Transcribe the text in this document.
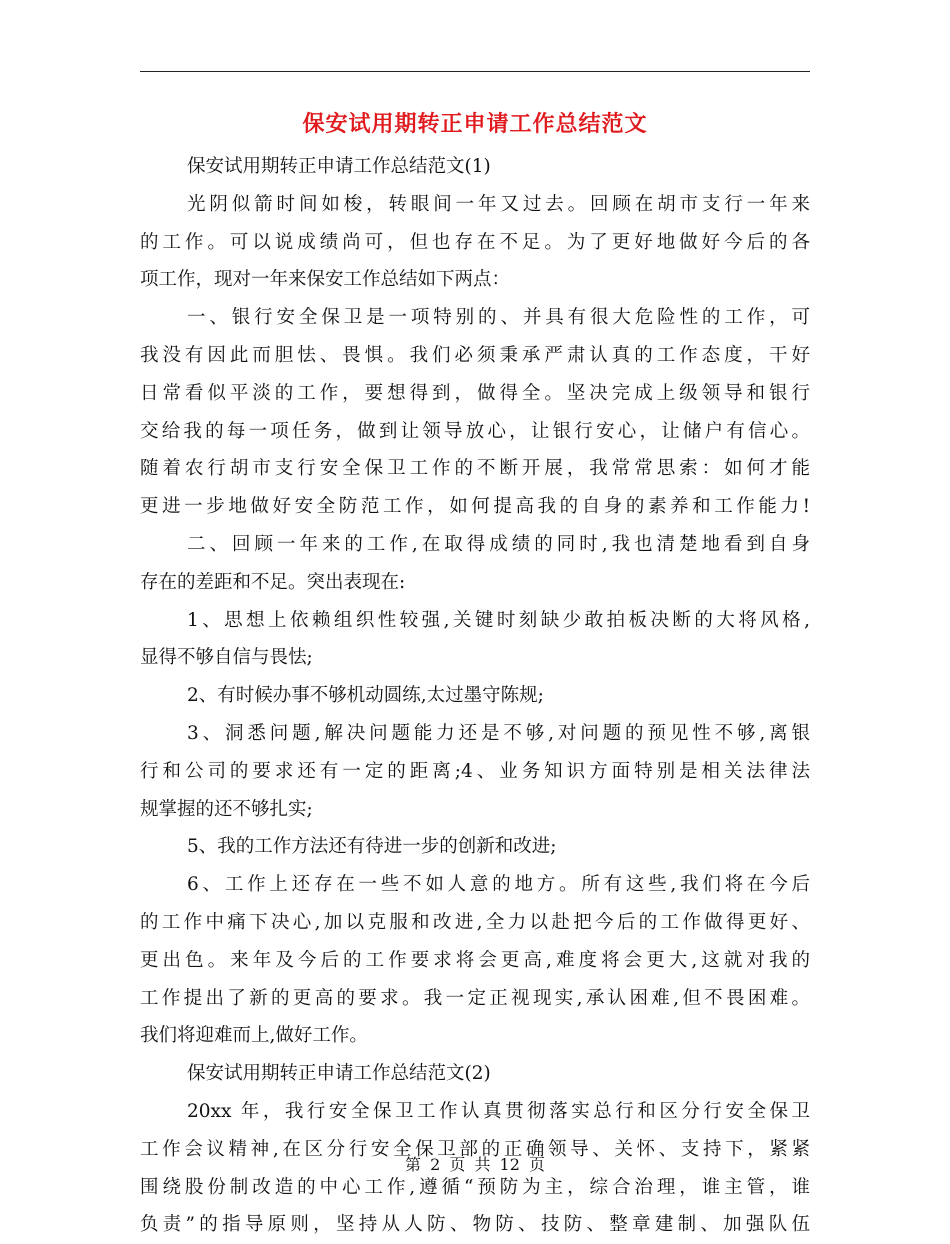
保安试用期转正申请工作总结范文
保安试用期转正申请工作总结范文(1)
光阴似箭时间如梭，转眼间一年又过去。回顾在胡市支行一年来
的工作。可以说成绩尚可，但也存在不足。为了更好地做好今后的各
项工作，现对一年来保安工作总结如下两点：
一、银行安全保卫是一项特别的、并具有很大危险性的工作，可
我没有因此而胆怯、畏惧。我们必须秉承严肃认真的工作态度，干好
日常看似平淡的工作，要想得到，做得全。坚决完成上级领导和银行
交给我的每一项任务，做到让领导放心，让银行安心，让储户有信心。
随着农行胡市支行安全保卫工作的不断开展，我常常思索：如何才能
更进一步地做好安全防范工作，如何提高我的自身的素养和工作能力!
二、回顾一年来的工作,在取得成绩的同时,我也清楚地看到自身
存在的差距和不足。突出表现在:
1、思想上依赖组织性较强,关键时刻缺少敢拍板决断的大将风格,
显得不够自信与畏怯;
2、有时候办事不够机动圆练,太过墨守陈规;
3、洞悉问题,解决问题能力还是不够,对问题的预见性不够,离银
行和公司的要求还有一定的距离;4、业务知识方面特别是相关法律法
规掌握的还不够扎实;
5、我的工作方法还有待进一步的创新和改进;
6、工作上还存在一些不如人意的地方。所有这些,我们将在今后
的工作中痛下决心,加以克服和改进,全力以赴把今后的工作做得更好、
更出色。来年及今后的工作要求将会更高,难度将会更大,这就对我的
工作提出了新的更高的要求。我一定正视现实,承认困难,但不畏困难。
我们将迎难而上,做好工作。
保安试用期转正申请工作总结范文(2)
20xx 年，我行安全保卫工作认真贯彻落实总行和区分行安全保卫
工作会议精神,在区分行安全保卫部的正确领导、关怀、支持下，紧紧
围绕股份制改造的中心工作,遵循“预防为主，综合治理，谁主管，谁
负责”的指导原则，坚持从人防、物防、技防、整章建制、加强队伍
第 2 页 共 12 页
